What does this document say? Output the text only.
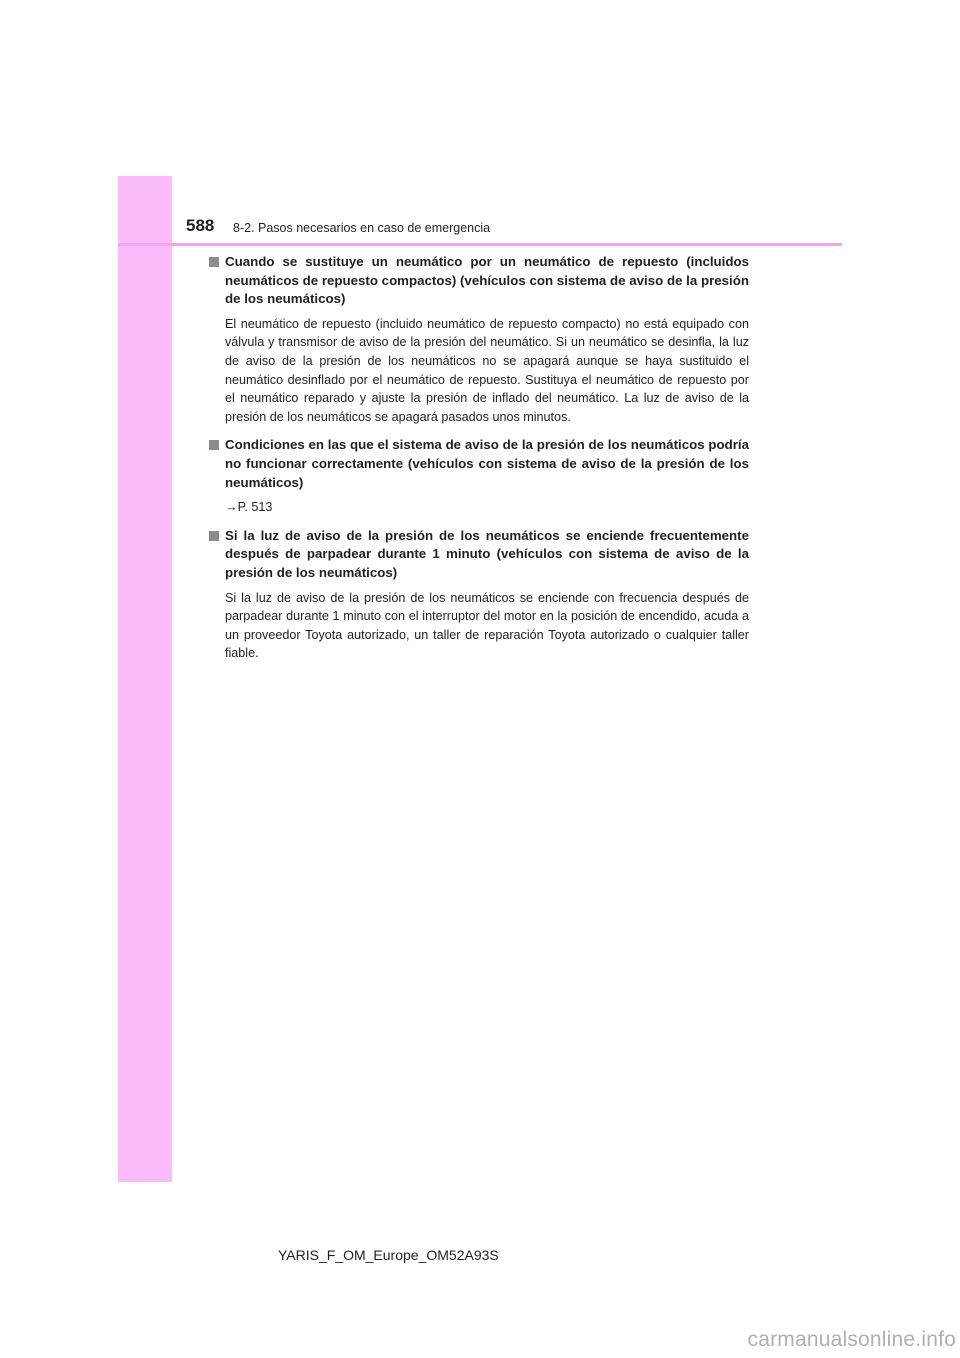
588 8-2. Pasos necesarios en caso de emergencia
Cuando se sustituye un neumático por un neumático de repuesto (incluidos neumáticos de repuesto compactos) (vehículos con sistema de aviso de la presión de los neumáticos)
El neumático de repuesto (incluido neumático de repuesto compacto) no está equipado con válvula y transmisor de aviso de la presión del neumático. Si un neumático se desinfla, la luz de aviso de la presión de los neumáticos no se apagará aunque se haya sustituido el neumático desinflado por el neumático de repuesto. Sustituya el neumático de repuesto por el neumático reparado y ajuste la presión de inflado del neumático. La luz de aviso de la presión de los neumáticos se apagará pasados unos minutos.
Condiciones en las que el sistema de aviso de la presión de los neumáticos podría no funcionar correctamente (vehículos con sistema de aviso de la presión de los neumáticos)
→P. 513
Si la luz de aviso de la presión de los neumáticos se enciende frecuentemente después de parpadear durante 1 minuto (vehículos con sistema de aviso de la presión de los neumáticos)
Si la luz de aviso de la presión de los neumáticos se enciende con frecuencia después de parpadear durante 1 minuto con el interruptor del motor en la posición de encendido, acuda a un proveedor Toyota autorizado, un taller de reparación Toyota autorizado o cualquier taller fiable.
YARIS_F_OM_Europe_OM52A93S
carmanualsonline.info
